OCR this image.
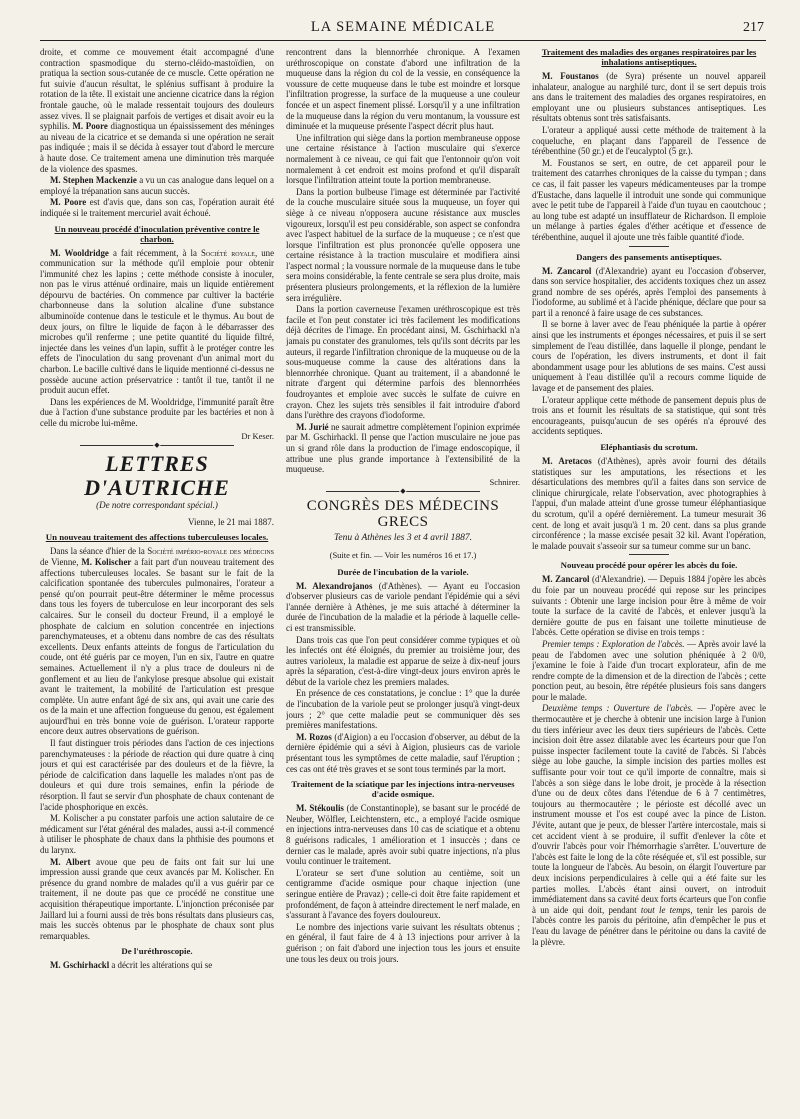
LA SEMAINE MÉDICALE	217

droite, et comme ce mouvement était accompagné d'une contraction spasmodique du sterno-cléido-mastoïdien, on pratiqua la section sous-cutanée de ce muscle. Cette opération ne fut suivie d'aucun résultat, le splénius suffisant à produire la rotation de la tête. Il existait une ancienne cicatrice dans la région frontale gauche, où le malade ressentait toujours des douleurs assez vives. Il se plaignait parfois de vertiges et disait avoir eu la syphilis. M. Poore diagnostiqua un épaississement des méninges au niveau de la cicatrice et se demanda si une opération ne serait pas indiquée ; mais il se décida à essayer tout d'abord le mercure à haute dose. Ce traitement amena une diminution très marquée de la violence des spasmes.

M. Stephen Mackenzie a vu un cas analogue dans lequel on a employé la trépanation sans aucun succès.

M. Poore est d'avis que, dans son cas, l'opération aurait été indiquée si le traitement mercuriel avait échoué.

Un nouveau procédé d'inoculation préventive contre le charbon.

M. Wooldridge a fait récemment, à la Société royale, une communication sur la méthode qu'il emploie pour obtenir l'immunité chez les lapins ; cette méthode consiste à inoculer, non pas le virus atténué ordinaire, mais un liquide entièrement dépourvu de bactéries. On commence par cultiver la bactérie charbonneuse dans la solution alcaline d'une substance albuminoïde contenue dans le testicule et le thymus. Au bout de deux jours, on filtre le liquide de façon à le débarrasser des microbes qu'il renferme ; une petite quantité du liquide filtré, injectée dans les veines d'un lapin, suffit à le protéger contre les effets de l'inoculation du sang provenant d'un animal mort du charbon. Le bacille cultivé dans le liquide mentionné ci-dessus ne possède aucune action préservatrice : tantôt il tue, tantôt il ne produit aucun effet.

Dans les expériences de M. Wooldridge, l'immunité paraît être due à l'action d'une substance produite par les bactéries et non à celle du microbe lui-même.

Dr Keser.
◆
LETTRES D'AUTRICHE
(De notre correspondant spécial.)
Vienne, le 21 mai 1887.
Un nouveau traitement des affections tuberculeuses locales.

Dans la séance d'hier de la Société império-royale des médecins de Vienne, M. Kolischer a fait part d'un nouveau traitement des affections tuberculeuses locales. Se basant sur le fait de la calcification spontanée des tubercules pulmonaires, l'orateur a pensé qu'on pourrait peut-être déterminer le même processus dans tous les foyers de tuberculose en leur incorporant des sels calcaires. Sur le conseil du docteur Freund, il a employé le phosphate de calcium en solution concentrée en injections parenchymateuses, et a obtenu dans nombre de cas des résultats excellents. Deux enfants atteints de fongus de l'articulation du coude, ont été guéris par ce moyen, l'un en six, l'autre en quatre semaines. Actuellement il n'y a plus trace de douleurs ni de gonflement et au lieu de l'ankylose presque absolue qui existait avant le traitement, la mobilité de l'articulation est presque complète. Un autre enfant âgé de six ans, qui avait une carie des os de la main et une affection fongueuse du genou, est également aujourd'hui en très bonne voie de guérison. L'orateur rapporte encore deux autres observations de guérison.

Il faut distinguer trois périodes dans l'action de ces injections parenchymateuses : la période de réaction qui dure quatre à cinq jours et qui est caractérisée par des douleurs et de la fièvre, la période de calcification dans laquelle les malades n'ont pas de douleurs et qui dure trois semaines, enfin la période de résorption. Il faut se servir d'un phosphate de chaux contenant de l'acide phosphorique en excès.

M. Kolischer a pu constater parfois une action salutaire de ce médicament sur l'état général des malades, aussi a-t-il commencé à utiliser le phosphate de chaux dans la phthisie des poumons et du larynx.

M. Albert avoue que peu de faits ont fait sur lui une impression aussi grande que ceux avancés par M. Kolischer. En présence du grand nombre de malades qu'il a vus guérir par ce traitement, il ne doute pas que ce procédé ne constitue une acquisition thérapeutique importante. L'injonction préconisée par Jaillard lui a fourni aussi de très bons résultats dans plusieurs cas, mais les succès obtenus par le phosphate de chaux sont plus remarquables.

De l'uréthroscopie.

M. Gschirhackl a décrit les altérations qui se

rencontrent dans la blennorrhée chronique. A l'examen uréthroscopique on constate d'abord une infiltration de la muqueuse dans la région du col de la vessie, en conséquence la voussure de cette muqueuse dans le tube est moindre et lorsque l'infiltration progresse, la surface de la muqueuse a une couleur foncée et un aspect finement plissé. Lorsqu'il y a une infiltration de la muqueuse dans la région du veru montanum, la voussure est diminuée et la muqueuse présente l'aspect décrit plus haut.

Une infiltration qui siège dans la portion membraneuse oppose une certaine résistance à l'action musculaire qui s'exerce normalement à ce niveau, ce qui fait que l'entonnoir qu'on voit normalement à cet endroit est moins profond et qu'il disparaît lorsque l'infiltration atteint toute la portion membraneuse.

Dans la portion bulbeuse l'image est déterminée par l'activité de la couche musculaire située sous la muqueuse, un foyer qui siège à ce niveau n'opposera aucune résistance aux muscles vigoureux, lorsqu'il est peu considérable, son aspect se confondra avec l'aspect habituel de la surface de la muqueuse ; ce n'est que lorsque l'infiltration est plus prononcée qu'elle opposera une certaine résistance à la traction musculaire et modifiera ainsi l'aspect normal ; la voussure normale de la muqueuse dans le tube sera moins considérable, la fente centrale se sera plus droite, mais présentera plusieurs prolongements, et la réflexion de la lumière sera irrégulière.

Dans la portion caverneuse l'examen uréthroscopique est très facile et l'on peut constater ici très facilement les modifications déjà décrites de l'image. En procédant ainsi, M. Gschirhackl n'a jamais pu constater des granulomes, tels qu'ils sont décrits par les auteurs, il regarde l'infiltration chronique de la muqueuse ou de la sous-muqueuse comme la cause des altérations dans la blennorrhée chronique. Quant au traitement, il a abandonné le nitrate d'argent qui détermine parfois des blennorrhées foudroyantes et emploie avec succès le sulfate de cuivre en crayon. Chez les sujets très sensibles il fait introduire d'abord dans l'urèthre des crayons d'iodoforme.

M. Jurié ne saurait admettre complètement l'opinion exprimée par M. Gschirhackl. Il pense que l'action musculaire ne joue pas un si grand rôle dans la production de l'image endoscopique, il attribue une plus grande importance à l'extensibilité de la muqueuse.

Schnirer.
◆
CONGRÈS DES MÉDECINS GRECS
Tenu à Athènes les 3 et 4 avril 1887.
(Suite et fin. — Voir les numéros 16 et 17.)
Durée de l'incubation de la variole.

M. Alexandrojanos (d'Athènes). — Ayant eu l'occasion d'observer plusieurs cas de variole pendant l'épidémie qui a sévi l'année dernière à Athènes, je me suis attaché à déterminer la durée de l'incubation de la maladie et la période à laquelle celle-ci est transmissible.

Dans trois cas que l'on peut considérer comme typiques et où les infectés ont été éloignés, du premier au troisième jour, des autres varioleux, la maladie est apparue de seize à dix-neuf jours après la séparation, c'est-à-dire vingt-deux jours environ après le début de la variole chez les premiers malades.

En présence de ces constatations, je conclue : 1° que la durée de l'incubation de la variole peut se prolonger jusqu'à vingt-deux jours ; 2° que cette maladie peut se communiquer dès ses premières manifestations.

M. Rozos (d'Aigion) a eu l'occasion d'observer, au début de la dernière épidémie qui a sévi à Aigion, plusieurs cas de variole présentant tous les symptômes de cette maladie, sauf l'éruption ; ces cas ont été très graves et se sont tous terminés par la mort.

Traitement de la sciatique par les injections intra-nerveuses d'acide osmique.

M. Stékoulis (de Constantinople), se basant sur le procédé de Neuber, Wölfler, Leichtenstern, etc., a employé l'acide osmique en injections intra-nerveuses dans 10 cas de sciatique et a obtenu 8 guérisons radicales, 1 amélioration et 1 insuccès ; dans ce dernier cas le malade, après avoir subi quatre injections, n'a plus voulu continuer le traitement.

L'orateur se sert d'une solution au centième, soit un centigramme d'acide osmique pour chaque injection (une seringue entière de Pravaz) ; celle-ci doit être faite rapidement et profondément, de façon à atteindre directement le nerf malade, en s'assurant à l'avance des foyers douloureux.

Le nombre des injections varie suivant les résultats obtenus ; en général, il faut faire de 4 à 13 injections pour arriver à la guérison ; on fait d'abord une injection tous les jours et ensuite une tous les deux ou trois jours.

Traitement des maladies des organes respiratoires par les inhalations antiseptiques.

M. Foustanos (de Syra) présente un nouvel appareil inhalateur, analogue au narghilé turc, dont il se sert depuis trois ans dans le traitement des maladies des organes respiratoires, en employant une ou plusieurs substances antiseptiques. Les résultats obtenus sont très satisfaisants.

L'orateur a appliqué aussi cette méthode de traitement à la coqueluche, en plaçant dans l'appareil de l'essence de térébenthine (50 gr.) et de l'eucalyptol (5 gr.).

M. Foustanos se sert, en outre, de cet appareil pour le traitement des catarrhes chroniques de la caisse du tympan ; dans ce cas, il fait passer les vapeurs médicamenteuses par la trompe d'Eustache, dans laquelle il introduit une sonde qui communique avec le petit tube de l'appareil à l'aide d'un tuyau en caoutchouc ; au long tube est adapté un insufflateur de Richardson. Il emploie un mélange à parties égales d'éther acétique et d'essence de térébenthine, auquel il ajoute une très faible quantité d'iode.

Dangers des pansements antiseptiques.

M. Zancarol (d'Alexandrie) ayant eu l'occasion d'observer, dans son service hospitalier, des accidents toxiques chez un assez grand nombre de ses opérés, après l'emploi des pansements à l'iodoforme, au sublimé et à l'acide phénique, déclare que pour sa part il a renoncé à faire usage de ces substances.

Il se borne à laver avec de l'eau phéniquée la partie à opérer ainsi que les instruments et éponges nécessaires, et puis il se sert simplement de l'eau distillée, dans laquelle il plonge, pendant le cours de l'opération, les divers instruments, et dont il fait abondamment usage pour les ablutions de ses mains. C'est aussi uniquement à l'eau distillée qu'il a recours comme liquide de lavage et de pansement des plaies.

L'orateur applique cette méthode de pansement depuis plus de trois ans et fournit les résultats de sa statistique, qui sont très encourageants, puisqu'aucun de ses opérés n'a éprouvé des accidents septiques.

Eléphantiasis du scrotum.

M. Aretacos (d'Athènes), après avoir fourni des détails statistiques sur les amputations, les résections et les désarticulations des membres qu'il a faites dans son service de clinique chirurgicale, relate l'observation, avec photographies à l'appui, d'un malade atteint d'une grosse tumeur éléphantiasique du scrotum, qu'il a opéré dernièrement. La tumeur mesurait 36 cent. de long et avait jusqu'à 1 m. 20 cent. dans sa plus grande circonférence ; la masse excisée pesait 32 kil. Avant l'opération, le malade pouvait s'asseoir sur sa tumeur comme sur un banc.

Nouveau procédé pour opérer les abcès du foie.

M. Zancarol (d'Alexandrie). — Depuis 1884 j'opère les abcès du foie par un nouveau procédé qui repose sur les principes suivants : Obtenir une large incision pour être à même de voir toute la surface de la cavité de l'abcès, et enlever jusqu'à la dernière goutte de pus en faisant une toilette minutieuse de l'abcès. Cette opération se divise en trois temps :

Premier temps : Exploration de l'abcès. — Après avoir lavé la peau de l'abdomen avec une solution phéniquée à 2 0/0, j'examine le foie à l'aide d'un trocart explorateur, afin de me rendre compte de la dimension et de la direction de l'abcès ; cette ponction peut, au besoin, être répétée plusieurs fois sans dangers pour le malade.

Deuxième temps : Ouverture de l'abcès. — J'opère avec le thermocautère et je cherche à obtenir une incision large à l'union du tiers inférieur avec les deux tiers supérieurs de l'abcès. Cette incision doit être assez dilatable avec les écarteurs pour que l'on puisse inspecter facilement toute la cavité de l'abcès. Si l'abcès siège au lobe gauche, la simple incision des parties molles est suffisante pour voir tout ce qu'il importe de connaître, mais si l'abcès a son siège dans le lobe droit, je procède à la résection d'une ou de deux côtes dans l'étendue de 6 à 7 centimètres, toujours au thermocautère ; le périoste est décollé avec un instrument mousse et l'os est coupé avec la pince de Liston. J'évite, autant que je peux, de blesser l'artère intercostale, mais si cet accident vient à se produire, il suffit d'enlever la côte et d'ouvrir l'abcès pour voir l'hémorrhagie s'arrêter. L'ouverture de l'abcès est faite le long de la côte réséquée et, s'il est possible, sur toute la longueur de l'abcès. Au besoin, on élargit l'ouverture par deux incisions perpendiculaires à celle qui a été faite sur les parties molles. L'abcès étant ainsi ouvert, on introduit immédiatement dans sa cavité deux forts écarteurs que l'on confie à un aide qui doit, pendant tout le temps, tenir les parois de l'abcès contre les parois du péritoine, afin d'empêcher le pus et l'eau du lavage de pénétrer dans le péritoine ou dans la cavité de la plèvre.
